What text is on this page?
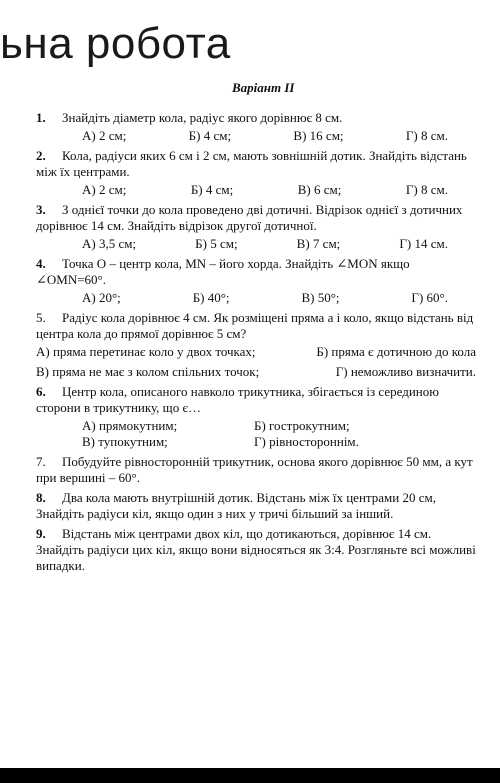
ьна робота
Варіант ІІ
1. Знайдіть діаметр кола, радіус якого дорівнює 8 см.
А) 2 см;	Б) 4 см;	В) 16 см;	Г) 8 см.
2. Кола, радіуси яких 6 см і 2 см, мають зовнішній дотик. Знайдіть відстань між їх центрами.
А) 2 см;	Б) 4 см;	В) 6 см;	Г) 8 см.
3. З однієї точки до кола проведено дві дотичні. Відрізок однієї з дотичних дорівнює 14 см. Знайдіть відрізок другої дотичної.
А) 3,5 см;	Б) 5 см;	В) 7 см;	Г) 14 см.
4. Точка О – центр кола, MN – його хорда. Знайдіть ∠MON якщо ∠OMN=60°.
А) 20°;	Б) 40°;	В) 50°;	Г) 60°.
5. Радіус кола дорівнює 4 см. Як розміщені пряма а і коло, якщо відстань від центра кола до прямої дорівнює 5 см?
А) пряма перетинає коло у двох точках;	Б) пряма є дотичною до кола
В) пряма не має з колом спільних точок;	Г) неможливо визначити.
6. Центр кола, описаного навколо трикутника, збігається із серединою сторони в трикутнику, що є…
А) прямокутним;	Б) гострокутним;
В) тупокутним;	Г) рівностороннім.
7. Побудуйте рівносторонній трикутник, основа якого дорівнює 50 мм, а кут при вершині – 60°.
8. Два кола мають внутрішній дотик. Відстань між їх центрами 20 см, Знайдіть радіуси кіл, якщо один з них у тричі більший за інший.
9. Відстань між центрами двох кіл, що дотикаються, дорівнює 14 см. Знайдіть радіуси цих кіл, якщо вони відносяться як 3:4. Розгляньте всі можливі випадки.
